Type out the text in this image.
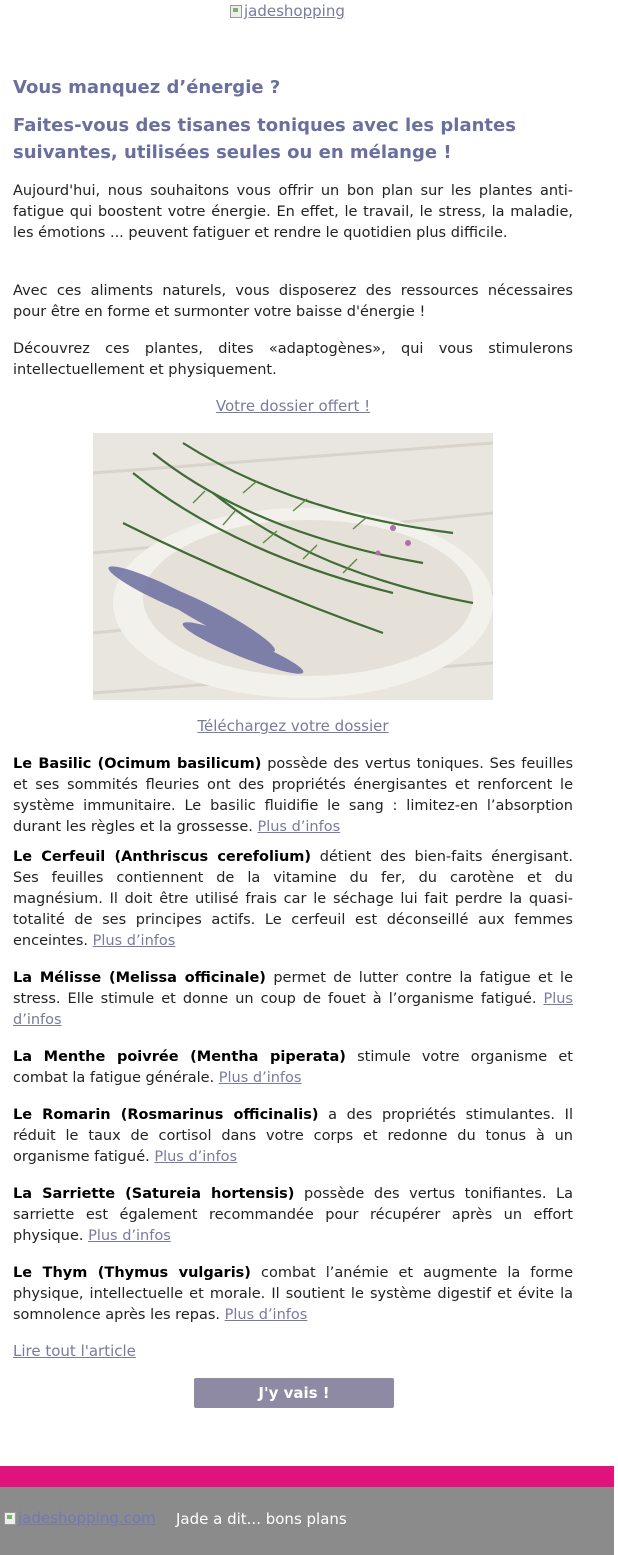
jadeshopping
Vous manquez d’énergie ?
Faites-vous des tisanes toniques avec les plantes suivantes, utilisées seules ou en mélange !

Aujourd'hui, nous souhaitons vous offrir un bon plan sur les plantes anti-fatigue qui boostent votre énergie. En effet, le travail, le stress, la maladie, les émotions ... peuvent fatiguer et rendre le quotidien plus difficile.

Avec ces aliments naturels, vous disposerez des ressources nécessaires pour être en forme et surmonter votre baisse d'énergie !

Découvrez ces plantes, dites «adaptogènes», qui vous stimulerons intellectuellement et physiquement.

Votre dossier offert !
Téléchargez votre dossier
Le Basilic (Ocimum basilicum) possède des vertus toniques. Ses feuilles et ses sommités fleuries ont des propriétés énergisantes et renforcent le système immunitaire. Le basilic fluidifie le sang : limitez-en l’absorption durant les règles et la grossesse. Plus d’infos
Le Cerfeuil (Anthriscus cerefolium) détient des bien-faits énergisant. Ses feuilles contiennent de la vitamine du fer, du carotène et du magnésium. Il doit être utilisé frais car le séchage lui fait perdre la quasi-totalité de ses principes actifs. Le cerfeuil est déconseillé aux femmes enceintes. Plus d’infos
La Mélisse (Melissa officinale) permet de lutter contre la fatigue et le stress. Elle stimule et donne un coup de fouet à l’organisme fatigué. Plus d’infos
La Menthe poivrée (Mentha piperata) stimule votre organisme et combat la fatigue générale. Plus d’infos
Le Romarin (Rosmarinus officinalis) a des propriétés stimulantes. Il réduit le taux de cortisol dans votre corps et redonne du tonus à un organisme fatigué. Plus d’infos
La Sarriette (Satureia hortensis) possède des vertus tonifiantes. La sarriette est également recommandée pour récupérer après un effort physique. Plus d’infos
Le Thym (Thymus vulgaris) combat l’anémie et augmente la forme physique, intellectuelle et morale. Il soutient le système digestif et évite la somnolence après les repas. Plus d’infos
Lire tout l'article
J'y vais !
jadeshopping.com Jade a dit... bons plans
